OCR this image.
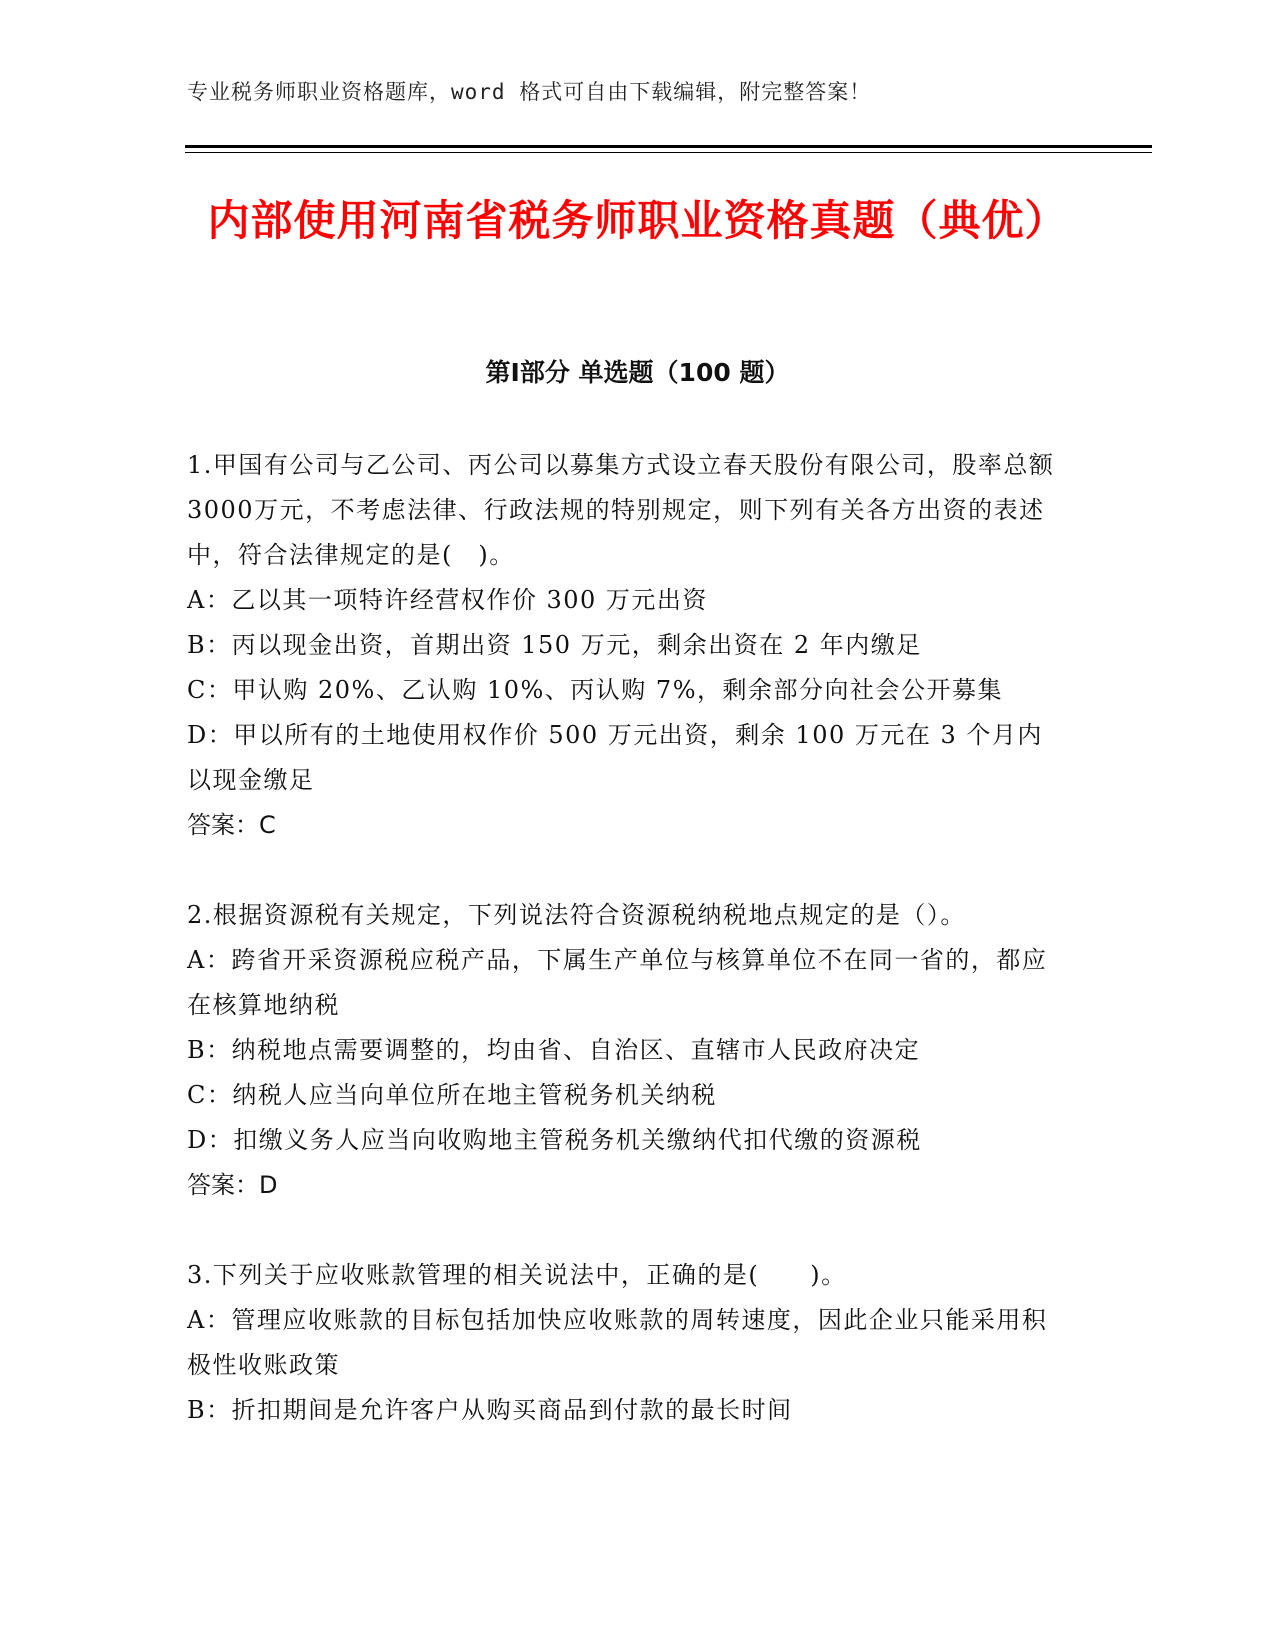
专业税务师职业资格题库，word 格式可自由下载编辑，附完整答案！
内部使用河南省税务师职业资格真题（典优）
第Ⅰ部分 单选题（100 题）

1.甲国有公司与乙公司、丙公司以募集方式设立春天股份有限公司，股率总额3000万元，不考虑法律、行政法规的特别规定，则下列有关各方出资的表述中，符合法律规定的是(　)。

A：乙以其一项特许经营权作价 300 万元出资

B：丙以现金出资，首期出资 150 万元，剩余出资在 2 年内缴足

C：甲认购 20%、乙认购 10%、丙认购 7%，剩余部分向社会公开募集

D：甲以所有的土地使用权作价 500 万元出资，剩余 100 万元在 3 个月内以现金缴足

答案：C

2.根据资源税有关规定，下列说法符合资源税纳税地点规定的是（）。

A：跨省开采资源税应税产品，下属生产单位与核算单位不在同一省的，都应在核算地纳税

B：纳税地点需要调整的，均由省、自治区、直辖市人民政府决定

C：纳税人应当向单位所在地主管税务机关纳税

D：扣缴义务人应当向收购地主管税务机关缴纳代扣代缴的资源税

答案：D

3.下列关于应收账款管理的相关说法中，正确的是(　　)。

A：管理应收账款的目标包括加快应收账款的周转速度，因此企业只能采用积极性收账政策

B：折扣期间是允许客户从购买商品到付款的最长时间
